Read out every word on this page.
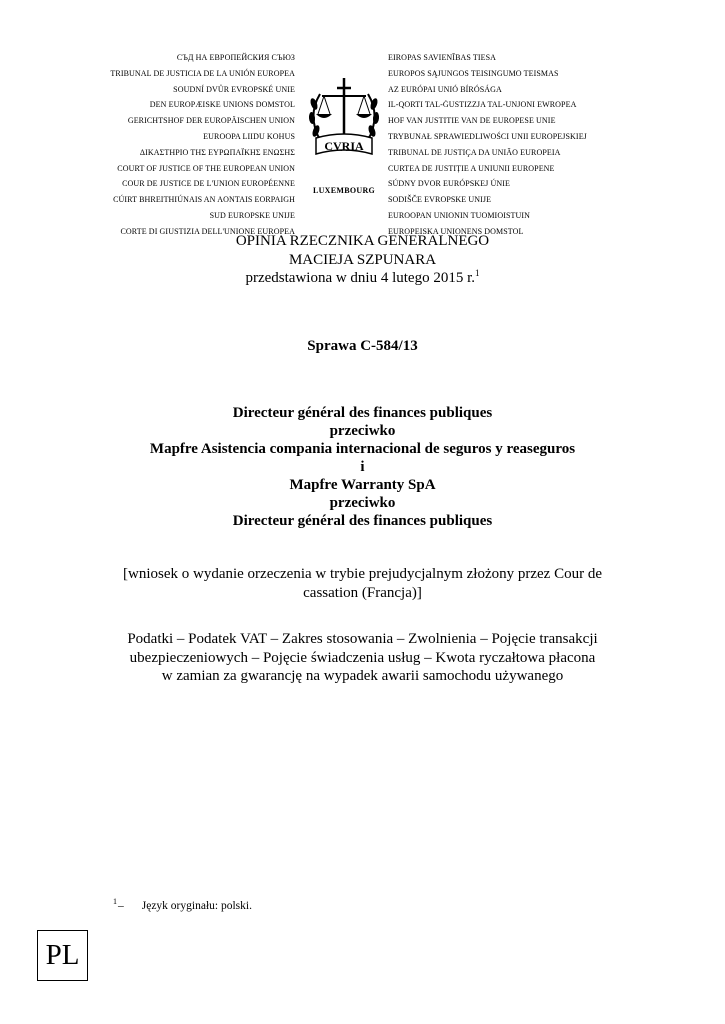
СЪД НА ЕВРОПЕЙСКИЯ СЪЮЗ
TRIBUNAL DE JUSTICIA DE LA UNIÓN EUROPEA
SOUDNÍ DVŮR EVROPSKÉ UNIE
DEN EUROPÆISKE UNIONS DOMSTOL
GERICHTSHOF DER EUROPÄISCHEN UNION
EUROOPA LIIDU KOHUS
ΔΙΚΑΣΤΗΡΙΟ ΤΗΣ ΕΥΡΩΠΑΪΚΗΣ ΕΝΩΣΗΣ
COURT OF JUSTICE OF THE EUROPEAN UNION
COUR DE JUSTICE DE L'UNION EUROPÉENNE
CÚIRT BHREITHIÚNAIS AN AONTAIS EORPAIGH
SUD EUROPSKE UNIJE
CORTE DI GIUSTIZIA DELL'UNIONE EUROPEA
EIROPAS SAVIENĪBAS TIESA
EUROPOS SĄJUNGOS TEISINGUMO TEISMAS
AZ EURÓPAI UNIÓ BÍRÓSÁGA
IL-QORTI TAL-ĠUSTIZZJA TAL-UNJONI EWROPEA
HOF VAN JUSTITIE VAN DE EUROPESE UNIE
TRYBUNAŁ SPRAWIEDLIWOŚCI UNII EUROPEJSKIEJ
TRIBUNAL DE JUSTIÇA DA UNIÃO EUROPEIA
CURTEA DE JUSTIȚIE A UNIUNII EUROPENE
SÚDNY DVOR EURÓPSKEJ ÚNIE
SODIŠČE EVROPSKE UNIJE
EUROOPAN UNIONIN TUOMIOISTUIN
EUROPEISKA UNIONENS DOMSTOL
CVRIA
LUXEMBOURG
OPINIA RZECZNIKA GENERALNEGO
MACIEJA SZPUNARA
przedstawiona w dniu 4 lutego 2015 r.$^1$
Sprawa C-584/13
Directeur général des finances publiques
przeciwko
Mapfre Asistencia compania internacional de seguros y reaseguros
i
Mapfre Warranty SpA
przeciwko
Directeur général des finances publiques
[wniosek o wydanie orzeczenia w trybie prejudycjalnym złożony przez Cour de
cassation (Francja)]
Podatki – Podatek VAT – Zakres stosowania – Zwolnienia – Pojęcie transakcji
ubezpieczeniowych – Pojęcie świadczenia usług – Kwota ryczałtowa płacona
w zamian za gwarancję na wypadek awarii samochodu używanego
$^1$– Język oryginału: polski.
PL
